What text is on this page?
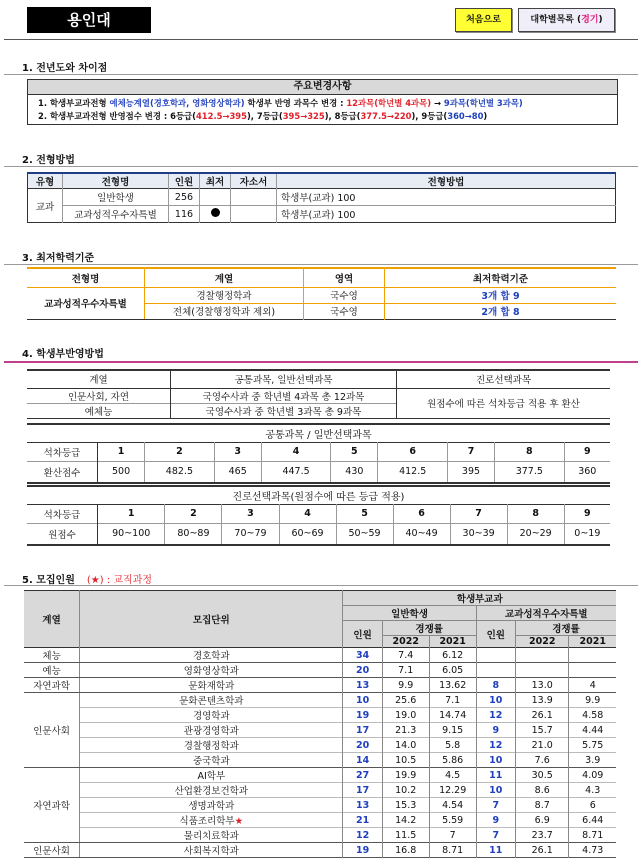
용인대	처음으로	대학별목록 (경기)
1. 전년도와 차이점
주요변경사항
1. 학생부교과전형 예체능계열(경호학과, 영화영상학과) 학생부 반영 과목수 변경 : 12과목(학년별 4과목) → 9과목(학년별 3과목)
2. 학생부교과전형 반영점수 변경 : 6등급(412.5→395), 7등급(395→325), 8등급(377.5→220), 9등급(360→80)
2. 전형방법
유형	전형명	인원	최저	자소서	전형방법
교과	일반학생	256			학생부(교과) 100
	교과성적우수자특별	116			학생부(교과) 100
3. 최저학력기준
전형명	계열	영역	최저학력기준
교과성적우수자특별	경찰행정학과	국수영	3개 합 9
	전체(경찰행정학과 제외)	국수영	2개 합 8
4. 학생부반영방법
계열	공통과목, 일반선택과목	진로선택과목
인문사회, 자연	국영수사과 중 학년별 4과목 총 12과목	원점수에 따른 석차등급 적용 후 환산
예체능	국영수사과 중 학년별 3과목 총 9과목	
공통과목 / 일반선택과목									
석차등급	1	2	3	4	5	6	7	8	9
환산점수	500	482.5	465	447.5	430	412.5	395	377.5	360
진로선택과목(원점수에 따른 등급 적용)									
석차등급	1	2	3	4	5	6	7	8	9
원점수	90~100	80~89	70~79	60~69	50~59	40~49	30~39	20~29	0~19
5. 모집인원 (★) : 교직과정
계열	모집단위	학생부교과					
		일반학생			교과성적우수자특별		
		인원	경쟁률		인원	경쟁률	
			2022	2021		2022	2021
체능	경호학과	34	7.4	6.12			
예능	영화영상학과	20	7.1	6.05			
자연과학	문화재학과	13	9.9	13.62	8	13.0	4
인문사회	문화콘텐츠학과	10	25.6	7.1	10	13.9	9.9
	경영학과	19	19.0	14.74	12	26.1	4.58
	관광경영학과	17	21.3	9.15	9	15.7	4.44
	경찰행정학과	20	14.0	5.8	12	21.0	5.75
	중국학과	14	10.5	5.86	10	7.6	3.9
자연과학	AI학부	27	19.9	4.5	11	30.5	4.09
	산업환경보건학과	17	10.2	12.29	10	8.6	4.3
	생명과학과	13	15.3	4.54	7	8.7	6
	식품조리학부★	21	14.2	5.59	9	6.9	6.44
	물리치료학과	12	11.5	7	7	23.7	8.71
인문사회	사회복지학과	19	16.8	8.71	11	26.1	4.73
